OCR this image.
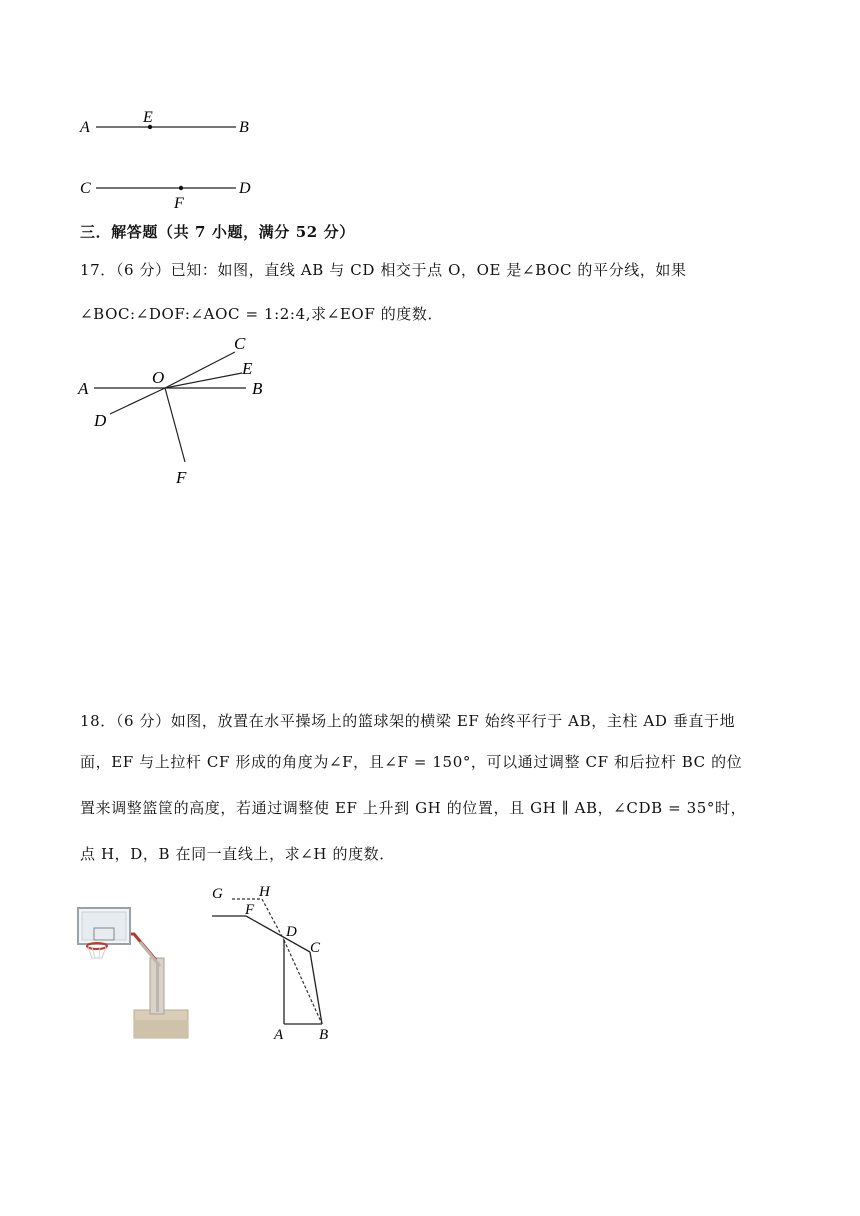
A
E
B
C
F
D
三．解答题（共 7 小题，满分 52 分）
17．（6 分）已知：如图，直线 AB 与 CD 相交于点 O，OE 是∠BOC 的平分线，如果
∠BOC:∠DOF:∠AOC = 1:2:4,求∠EOF 的度数．
A
O
C
E
B
D
F
18．（6 分）如图，放置在水平操场上的篮球架的横梁 EF 始终平行于 AB，主柱 AD 垂直于地
面，EF 与上拉杆 CF 形成的角度为∠F，且∠F = 150°，可以通过调整 CF 和后拉杆 BC 的位
置来调整篮筐的高度，若通过调整使 EF 上升到 GH 的位置，且 GH ∥ AB，∠CDB = 35°时，
点 H，D，B 在同一直线上，求∠H 的度数．
G H
F
D
C
A B
